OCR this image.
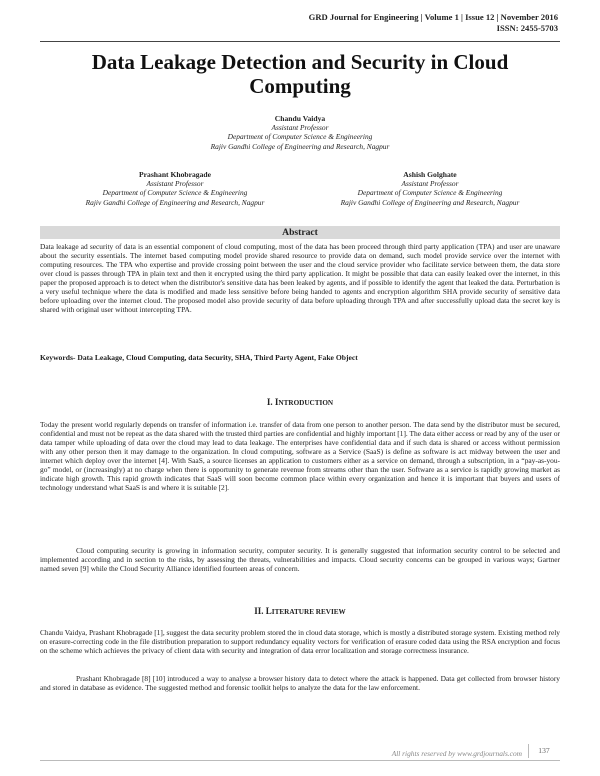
GRD Journal for Engineering | Volume 1 | Issue 12 | November 2016
ISSN: 2455-5703
Data Leakage Detection and Security in Cloud Computing
Chandu Vaidya
Assistant Professor
Department of Computer Science & Engineering
Rajiv Gandhi College of Engineering and Research, Nagpur
Prashant Khobragade
Assistant Professor
Department of Computer Science & Engineering
Rajiv Gandhi College of Engineering and Research, Nagpur
Ashish Golghate
Assistant Professor
Department of Computer Science & Engineering
Rajiv Gandhi College of Engineering and Research, Nagpur
Abstract
Data leakage ad security of data is an essential component of cloud computing, most of the data has been proceed through third party application (TPA) and user are unaware about the security essentials. The internet based computing model provide shared resource to provide data on demand, such model provide service over the internet with computing resources. The TPA who expertise and provide crossing point between the user and the cloud service provider who facilitate service between them, the data store over cloud is passes through TPA in plain text and then it encrypted using the third party application. It might be possible that data can easily leaked over the internet, in this paper the proposed approach is to detect when the distributor's sensitive data has been leaked by agents, and if possible to identify the agent that leaked the data. Perturbation is a very useful technique where the data is modified and made less sensitive before being handed to agents and encryption algorithm SHA provide security of sensitive data before uploading over the internet cloud. The proposed model also provide security of data before uploading through TPA and after successfully upload data the secret key is shared with original user without intercepting TPA.
Keywords- Data Leakage, Cloud Computing, data Security, SHA, Third Party Agent, Fake Object
I. INTRODUCTION
Today the present world regularly depends on transfer of information i.e. transfer of data from one person to another person. The data send by the distributor must be secured, confidential and must not be repeat as the data shared with the trusted third parties are confidential and highly important [1]. The data either access or read by any of the user or data tamper while uploading of data over the cloud may lead to data leakage. The enterprises have confidential data and if such data is shared or access without permission with any other person then it may damage to the organization. In cloud computing, software as a Service (SaaS) is define as software is act midway between the user and internet which deploy over the internet [4]. With SaaS, a source licenses an application to customers either as a service on demand, through a subscription, in a “pay-as-you-go” model, or (increasingly) at no charge when there is opportunity to generate revenue from streams other than the user. Software as a service is rapidly growing market as indicate high growth. This rapid growth indicates that SaaS will soon become common place within every organization and hence it is important that buyers and users of technology understand what SaaS is and where it is suitable [2].
Cloud computing security is growing in information security, computer security. It is generally suggested that information security control to be selected and implemented according and in section to the risks, by assessing the threats, vulnerabilities and impacts. Cloud security concerns can be grouped in various ways; Gartner named seven [9] while the Cloud Security Alliance identified fourteen areas of concern.
II. LITERATURE REVIEW
Chandu Vaidya, Prashant Khobragade [1], suggest the data security problem stored the in cloud data storage, which is mostly a distributed storage system. Existing method rely on erasure-correcting code in the file distribution preparation to support redundancy equality vectors for verification of erasure coded data using the RSA encryption and focus on the scheme which achieves the privacy of client data with security and integration of data error localization and storage correctness insurance.
Prashant Khobragade [8] [10] introduced a way to analyse a browser history data to detect where the attack is happened. Data get collected from browser history and stored in database as evidence. The suggested method and forensic toolkit helps to analyze the data for the law enforcement.
All rights reserved by www.grdjournals.com	137
